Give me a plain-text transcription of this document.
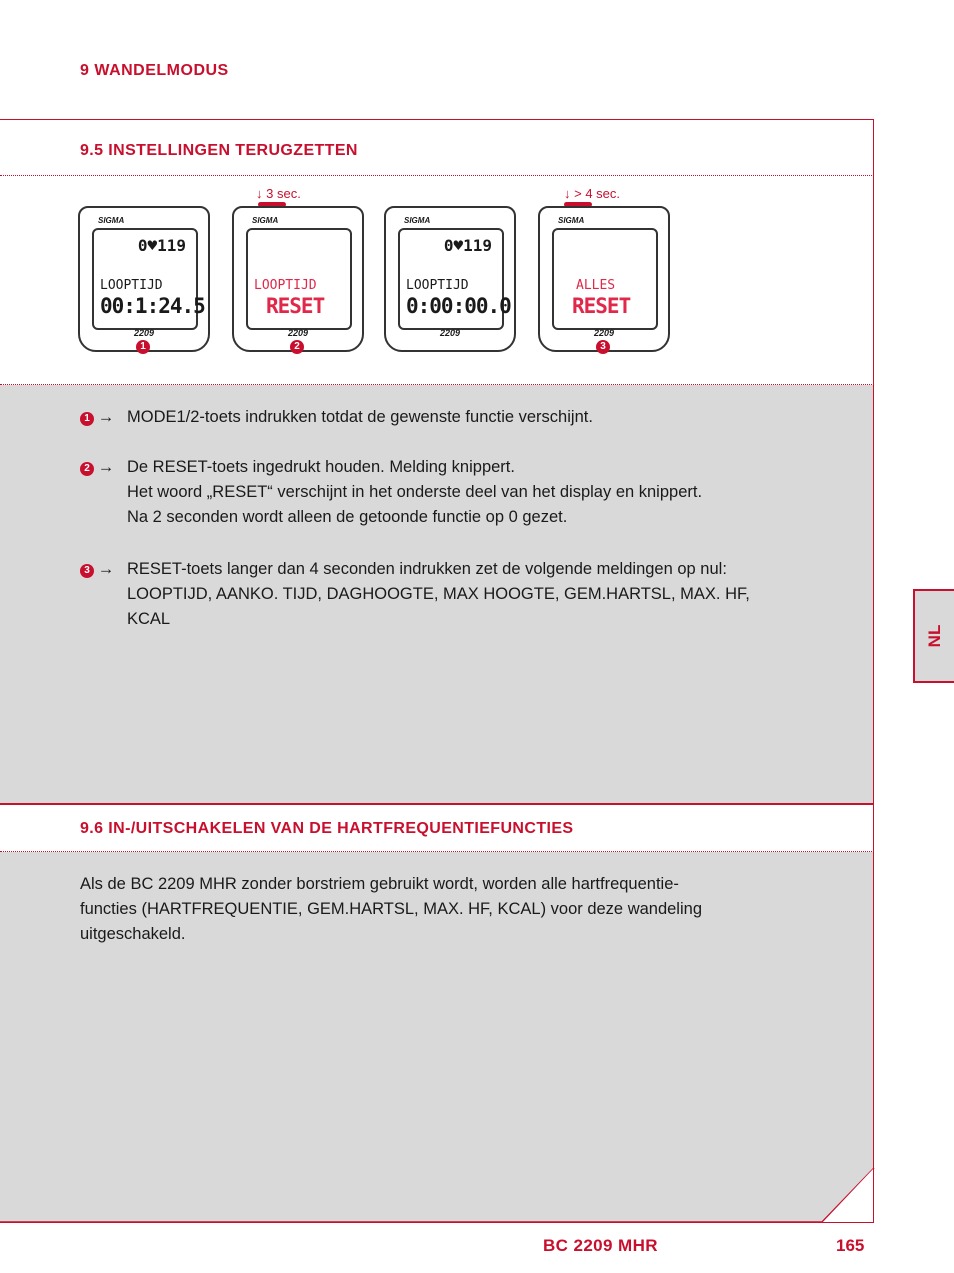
9 WANDELMODUS
9.5 INSTELLINGEN TERUGZETTEN
SIGMA
0♥119
LOOPTIJD
00:1:24.5
2209
1
↓ 3 sec.
SIGMA
LOOPTIJD
RESET
2209
2
SIGMA
0♥119
LOOPTIJD
0:00:00.0
2209
↓ > 4 sec.
SIGMA
ALLES
RESET
2209
3
1 → MODE1/2-toets indrukken totdat de gewenste functie verschijnt.
2 → De RESET-toets ingedrukt houden. Melding knippert.
Het woord „RESET“ verschijnt in het onderste deel van het display en knippert.
Na 2 seconden wordt alleen de getoonde functie op 0 gezet.
3 → RESET-toets langer dan 4 seconden indrukken zet de volgende meldingen op nul:
LOOPTIJD, AANKO. TIJD, DAGHOOGTE, MAX HOOGTE, GEM.HARTSL, MAX. HF,
KCAL
9.6 IN-/UITSCHAKELEN VAN DE HARTFREQUENTIEFUNCTIES
Als de BC 2209 MHR zonder borstriem gebruikt wordt, worden alle hartfrequentie-
functies (HARTFREQUENTIE, GEM.HARTSL, MAX. HF, KCAL) voor deze wandeling
uitgeschakeld.
NL
BC 2209 MHR	165
